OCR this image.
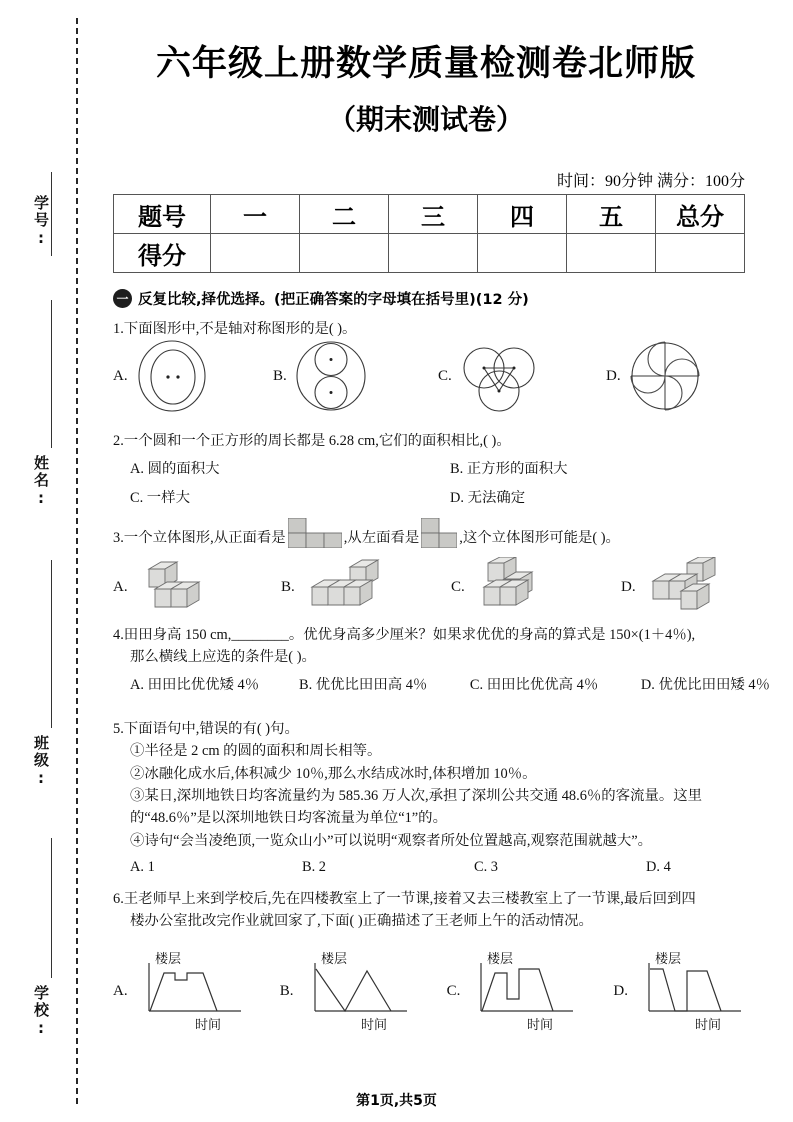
学号:
姓名:
班级:
学校:
六年级上册数学质量检测卷北师版
（期末测试卷）
时间：90分钟 满分：100分
题号	一	二	三	四	五	总分
得分						
一 反复比较,择优选择。(把正确答案的字母填在括号里)(12 分)
1.下面图形中,不是轴对称图形的是( )。
A.	B.	C.	D.
2.一个圆和一个正方形的周长都是 6.28 cm,它们的面积相比,( )。
A. 圆的面积大	B. 正方形的面积大
C. 一样大	D. 无法确定
3.一个立体图形,从正面看是	,从左面看是	,这个立体图形可能是( )。
A.	B.	C.	D.
4.田田身高 150 cm,________。优优身高多少厘米？如果求优优的身高的算式是 150×(1＋4％),
那么横线上应选的条件是( )。
A. 田田比优优矮 4％	B. 优优比田田高 4％	C. 田田比优优高 4％	D. 优优比田田矮 4％
5.下面语句中,错误的有( )句。
①半径是 2 cm 的圆的面积和周长相等。
②冰融化成水后,体积减少 10％,那么水结成冰时,体积增加 10％。
③某日,深圳地铁日均客流量约为 585.36 万人次,承担了深圳公共交通 48.6％的客流量。这里
的“48.6％”是以深圳地铁日均客流量为单位“1”的。
④诗句“会当凌绝顶,一览众山小”可以说明“观察者所处位置越高,观察范围就越大”。
A. 1	B. 2	C. 3	D. 4
6.王老师早上来到学校后,先在四楼教室上了一节课,接着又去三楼教室上了一节课,最后回到四
楼办公室批改完作业就回家了,下面( )正确描述了王老师上午的活动情况。
A.
楼层
时间
B.
楼层
时间
C.
楼层
时间
D.
楼层
时间
第1页,共5页
